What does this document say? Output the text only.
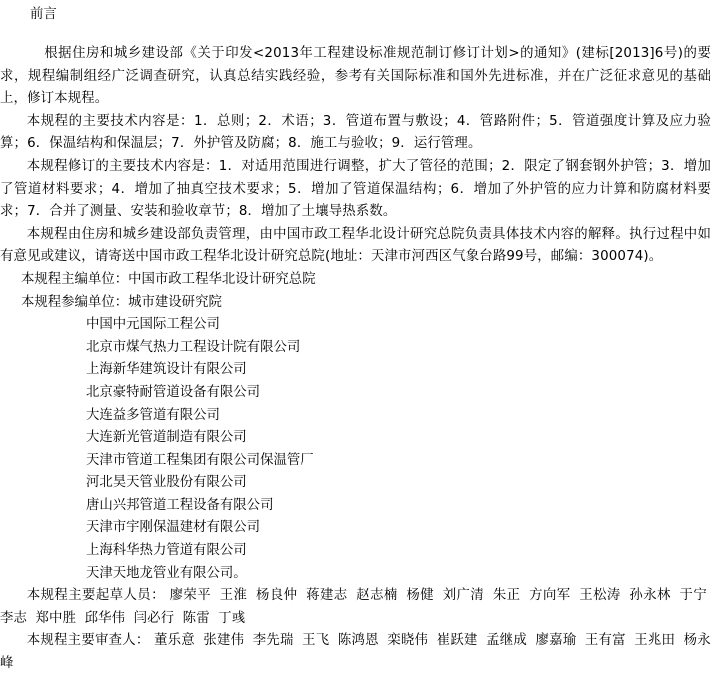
前言

根据住房和城乡建设部《关于印发<2013年工程建设标准规范制订修订计划>的通知》(建标[2013]6号)的要求，规程编制组经广泛调查研究，认真总结实践经验，参考有关国际标准和国外先进标准，并在广泛征求意见的基础上，修订本规程。

本规程的主要技术内容是：1．总则；2．术语；3．管道布置与敷设；4．管路附件；5．管道强度计算及应力验算；6．保温结构和保温层；7．外护管及防腐；8．施工与验收；9．运行管理。

本规程修订的主要技术内容是：1．对适用范围进行调整，扩大了管径的范围；2．限定了钢套钢外护管；3．增加了管道材料要求；4．增加了抽真空技术要求；5．增加了管道保温结构；6．增加了外护管的应力计算和防腐材料要求；7．合并了测量、安装和验收章节；8．增加了土壤导热系数。

本规程由住房和城乡建设部负责管理，由中国市政工程华北设计研究总院负责具体技术内容的解释。执行过程中如有意见或建议，请寄送中国市政工程华北设计研究总院(地址：天津市河西区气象台路99号，邮编：300074)。

本规程主编单位：中国市政工程华北设计研究总院

本规程参编单位：城市建设研究院

中国中元国际工程公司
北京市煤气热力工程设计院有限公司
上海新华建筑设计有限公司
北京豪特耐管道设备有限公司
大连益多管道有限公司
大连新光管道制造有限公司
天津市管道工程集团有限公司保温管厂
河北昊天管业股份有限公司
唐山兴邦管道工程设备有限公司
天津市宇刚保温建材有限公司
上海科华热力管道有限公司
天津天地龙管业有限公司。

本规程主要起草人员： 廖荣平 王淮 杨良仲 蒋建志 赵志楠 杨健 刘广清 朱正 方向军 王松涛 孙永林 于宁 李志 郑中胜 邱华伟 闫必行 陈雷 丁彧

本规程主要审查人： 董乐意 张建伟 李先瑞 王飞 陈鸿恩 栾晓伟 崔跃建 孟继成 廖嘉瑜 王有富 王兆田 杨永峰
